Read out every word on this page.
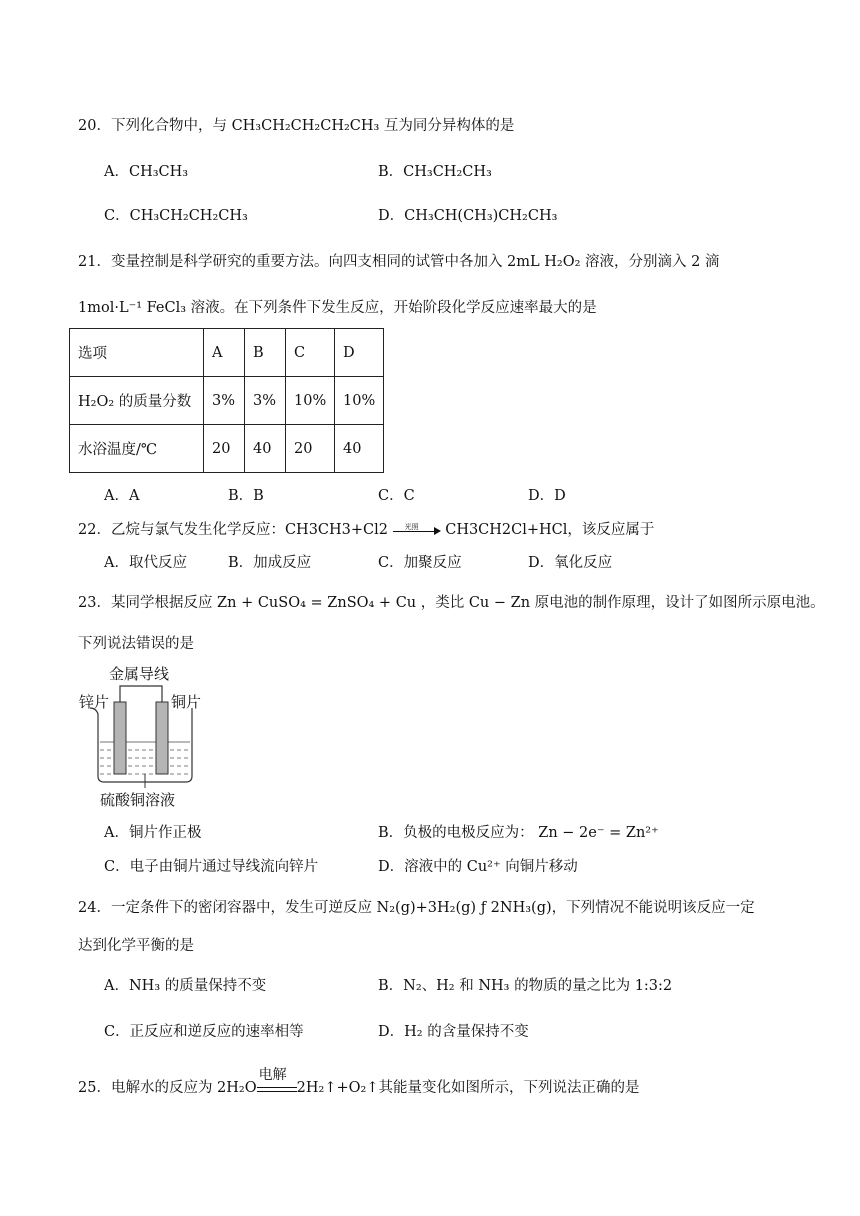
20．下列化合物中，与 CH₃CH₂CH₂CH₂CH₃ 互为同分异构体的是
A．CH₃CH₃	B．CH₃CH₂CH₃
C．CH₃CH₂CH₂CH₃	D．CH₃CH(CH₃)CH₂CH₃
21．变量控制是科学研究的重要方法。向四支相同的试管中各加入 2mL H₂O₂ 溶液，分别滴入 2 滴
1mol·L⁻¹ FeCl₃ 溶液。在下列条件下发生反应，开始阶段化学反应速率最大的是
选项	A	B	C	D
H₂O₂ 的质量分数	3%	3%	10%	10%
水浴温度/℃	20	40	20	40
A．A	B．B	C．C	D．D
22．乙烷与氯气发生化学反应：CH3CH3+Cl2 光照 CH3CH2Cl+HCl，该反应属于
A．取代反应	B．加成反应	C．加聚反应	D．氧化反应
23．某同学根据反应 Zn + CuSO₄ = ZnSO₄ + Cu ，类比 Cu − Zn 原电池的制作原理，设计了如图所示原电池。
下列说法错误的是
金属导线
锌片	铜片
硫酸铜溶液
A．铜片作正极	B．负极的电极反应为： Zn − 2e⁻ = Zn²⁺
C．电子由铜片通过导线流向锌片	D．溶液中的 Cu²⁺ 向铜片移动
24．一定条件下的密闭容器中，发生可逆反应 N₂(g)+3H₂(g) ƒ 2NH₃(g)，下列情况不能说明该反应一定
达到化学平衡的是
A．NH₃ 的质量保持不变	B．N₂、H₂ 和 NH₃ 的物质的量之比为 1:3:2
C．正反应和逆反应的速率相等	D．H₂ 的含量保持不变
25．电解水的反应为 2H₂O
电解
2H₂↑+O₂↑其能量变化如图所示，下列说法正确的是
